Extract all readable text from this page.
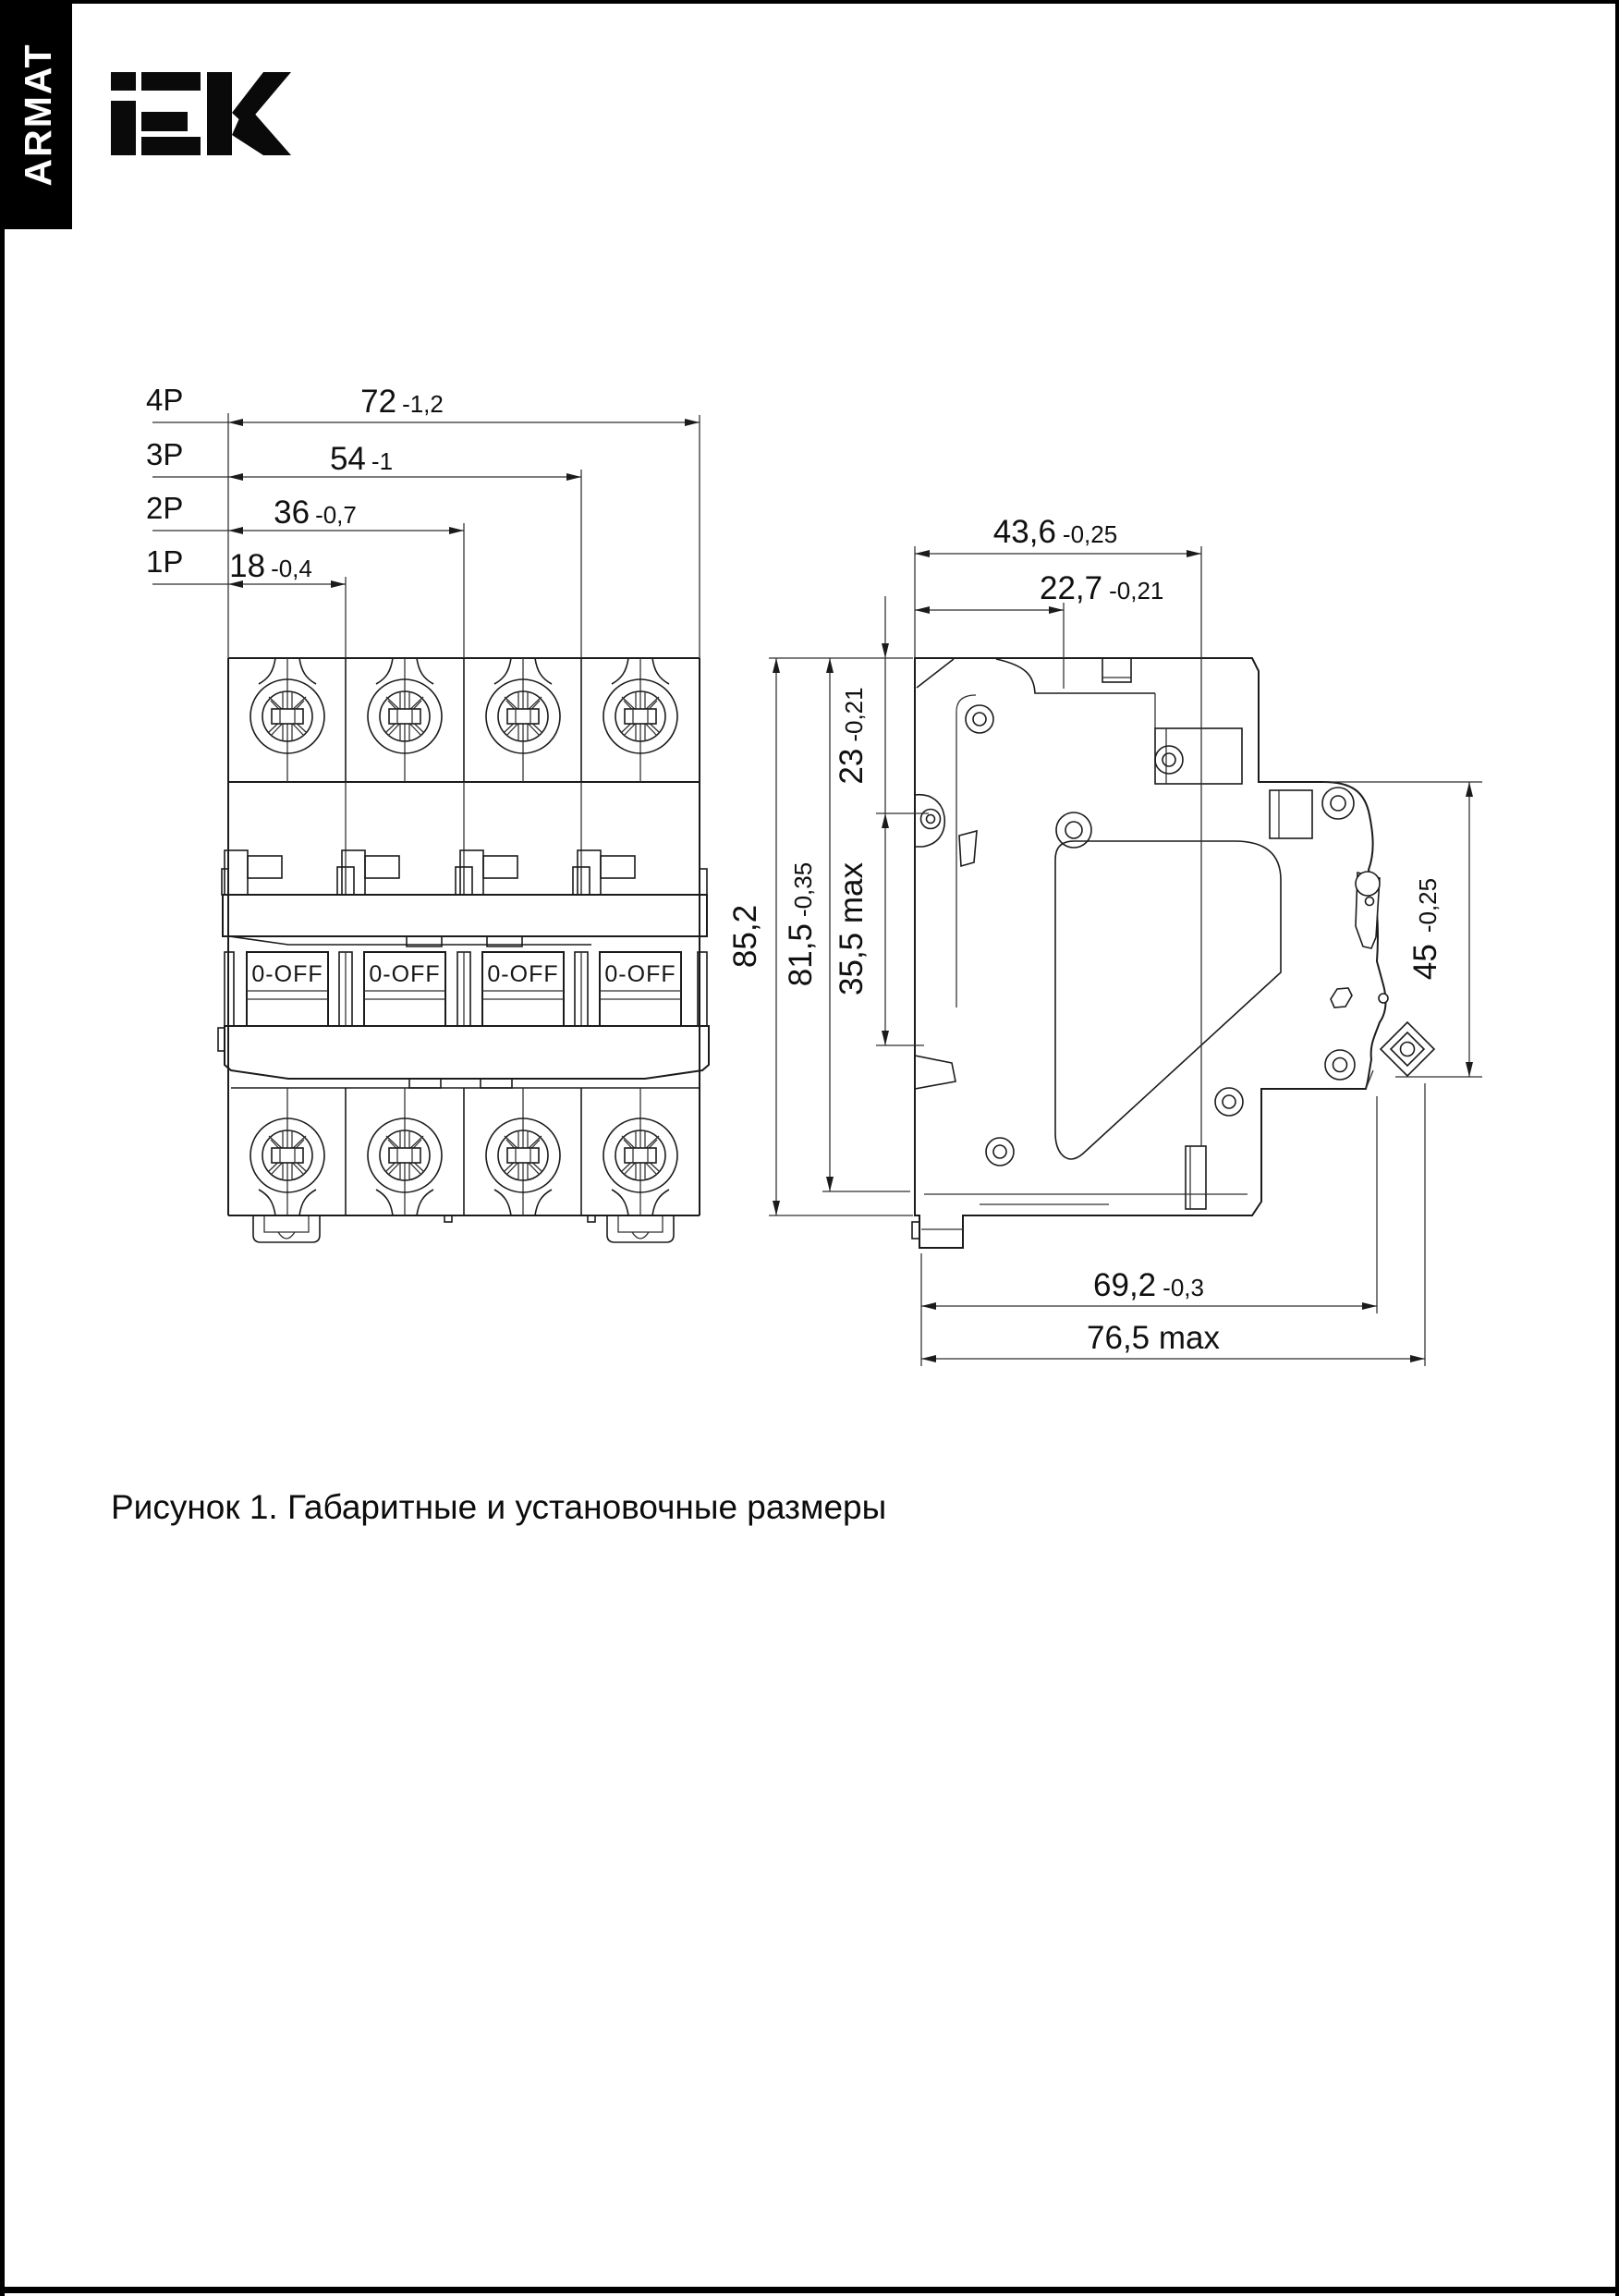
ARMAT
0-OFF 0-OFF 0-OFF 0-OFF
4P
3P
2P
1P
72 -1,2
54 -1
36 -0,7
18 -0,4
43,6 -0,25
22,7 -0,21
85,2 81,5-0,35
23-0,21
35,5 max	45-0,25
69,2 -0,3
76,5 max
Рисунок 1. Габаритные и установочные размеры
